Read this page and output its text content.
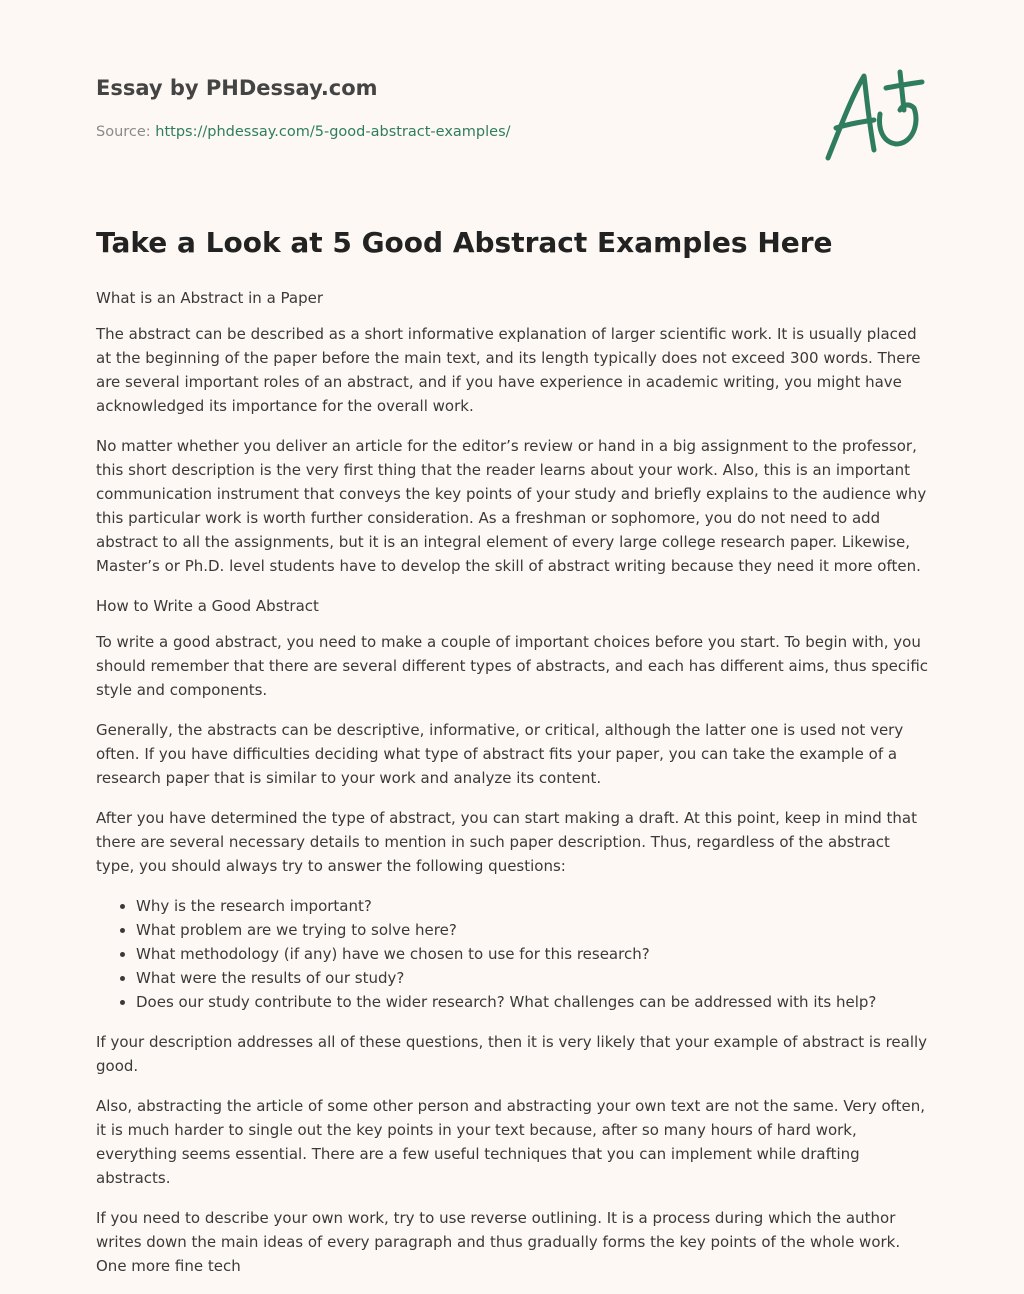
Essay by PHDessay.com
Source: https://phdessay.com/5-good-abstract-examples/
Take a Look at 5 Good Abstract Examples Here

What is an Abstract in a Paper

The abstract can be described as a short informative explanation of larger scientific work. It is usually placed at the beginning of the paper before the main text, and its length typically does not exceed 300 words. There are several important roles of an abstract, and if you have experience in academic writing, you might have acknowledged its importance for the overall work.

No matter whether you deliver an article for the editor’s review or hand in a big assignment to the professor, this short description is the very first thing that the reader learns about your work. Also, this is an important communication instrument that conveys the key points of your study and briefly explains to the audience why this particular work is worth further consideration. As a freshman or sophomore, you do not need to add abstract to all the assignments, but it is an integral element of every large college research paper. Likewise, Master’s or Ph.D. level students have to develop the skill of abstract writing because they need it more often.

How to Write a Good Abstract

To write a good abstract, you need to make a couple of important choices before you start. To begin with, you should remember that there are several different types of abstracts, and each has different aims, thus specific style and components.

Generally, the abstracts can be descriptive, informative, or critical, although the latter one is used not very often. If you have difficulties deciding what type of abstract fits your paper, you can take the example of a research paper that is similar to your work and analyze its content.

After you have determined the type of abstract, you can start making a draft. At this point, keep in mind that there are several necessary details to mention in such paper description. Thus, regardless of the abstract type, you should always try to answer the following questions:

• Why is the research important?
• What problem are we trying to solve here?
• What methodology (if any) have we chosen to use for this research?
• What were the results of our study?
• Does our study contribute to the wider research? What challenges can be addressed with its help?

If your description addresses all of these questions, then it is very likely that your example of abstract is really good.

Also, abstracting the article of some other person and abstracting your own text are not the same. Very often, it is much harder to single out the key points in your text because, after so many hours of hard work, everything seems essential. There are a few useful techniques that you can implement while drafting abstracts.

If you need to describe your own work, try to use reverse outlining. It is a process during which the author writes down the main ideas of every paragraph and thus gradually forms the key points of the whole work. One more fine tech
